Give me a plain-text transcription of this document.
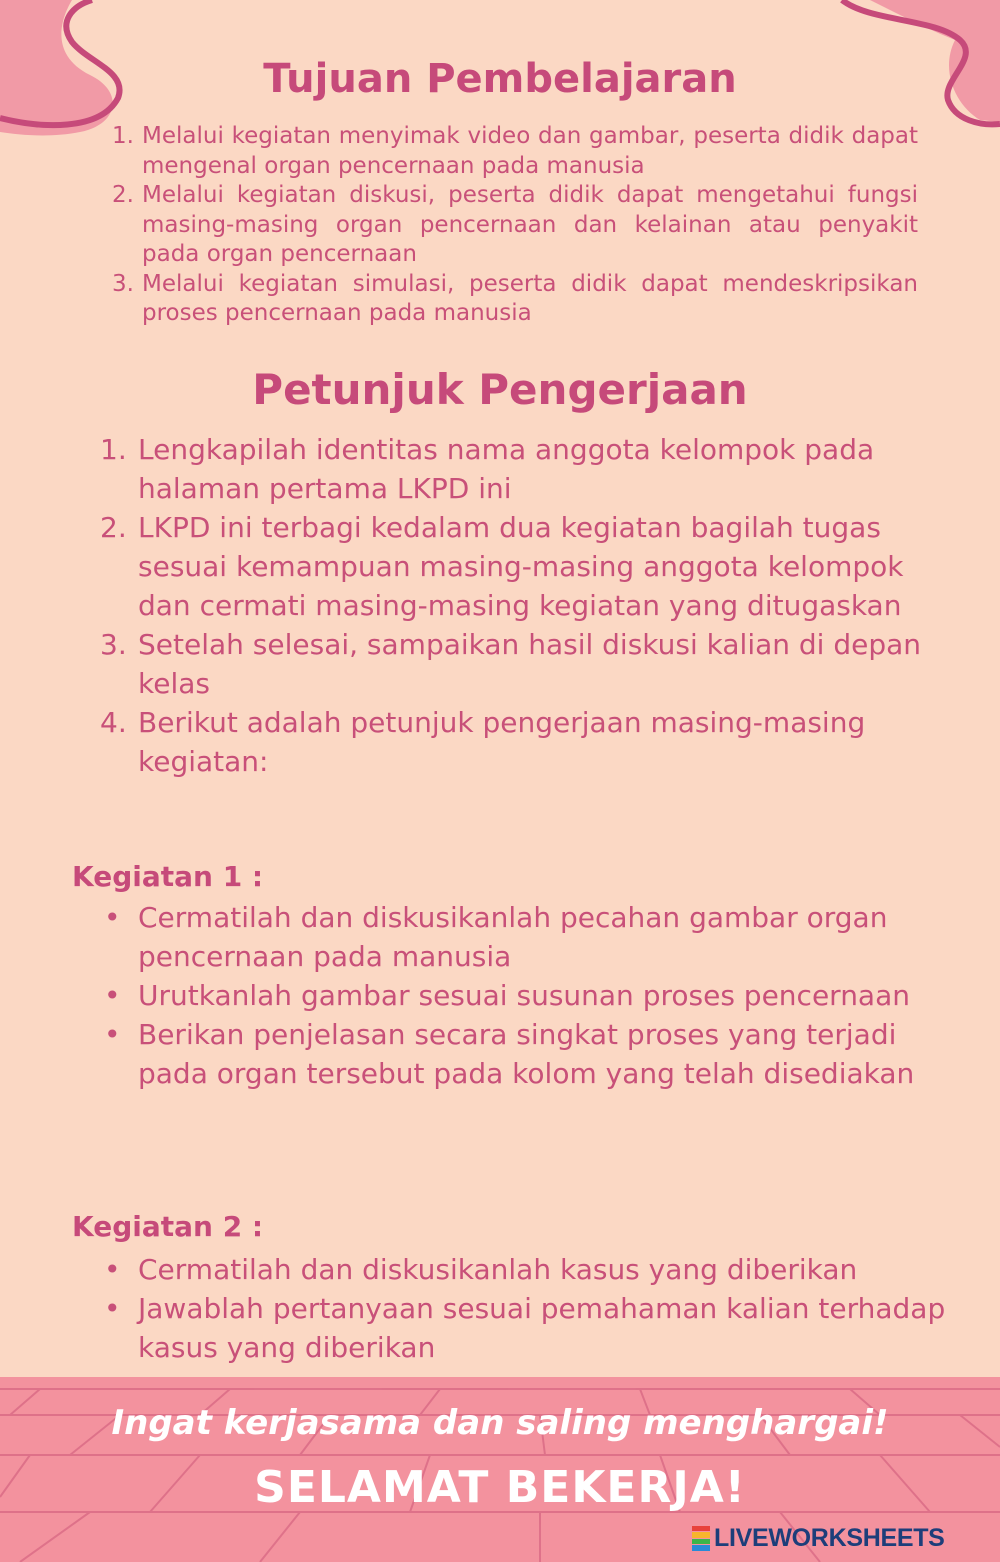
Tujuan Pembelajaran
1. Melalui kegiatan menyimak video dan gambar, peserta didik dapat mengenal organ pencernaan pada manusia
2. Melalui kegiatan diskusi, peserta didik dapat mengetahui fungsi masing-masing organ pencernaan dan kelainan atau penyakit pada organ pencernaan
3. Melalui kegiatan simulasi, peserta didik dapat mendeskripsikan proses pencernaan pada manusia
Petunjuk Pengerjaan
1. Lengkapilah identitas nama anggota kelompok pada halaman pertama LKPD ini
2. LKPD ini terbagi kedalam dua kegiatan bagilah tugas sesuai kemampuan masing-masing anggota kelompok dan cermati masing-masing kegiatan yang ditugaskan
3. Setelah selesai, sampaikan hasil diskusi kalian di depan kelas
4. Berikut adalah petunjuk pengerjaan masing-masing kegiatan:
Kegiatan 1 :
• Cermatilah dan diskusikanlah pecahan gambar organ pencernaan pada manusia
• Urutkanlah gambar sesuai susunan proses pencernaan
• Berikan penjelasan secara singkat proses yang terjadi pada organ tersebut pada kolom yang telah disediakan
Kegiatan 2 :
• Cermatilah dan diskusikanlah kasus yang diberikan
• Jawablah pertanyaan sesuai pemahaman kalian terhadap kasus yang diberikan

Ingat kerjasama dan saling menghargai!

SELAMAT BEKERJA!

LIVEWORKSHEETS
